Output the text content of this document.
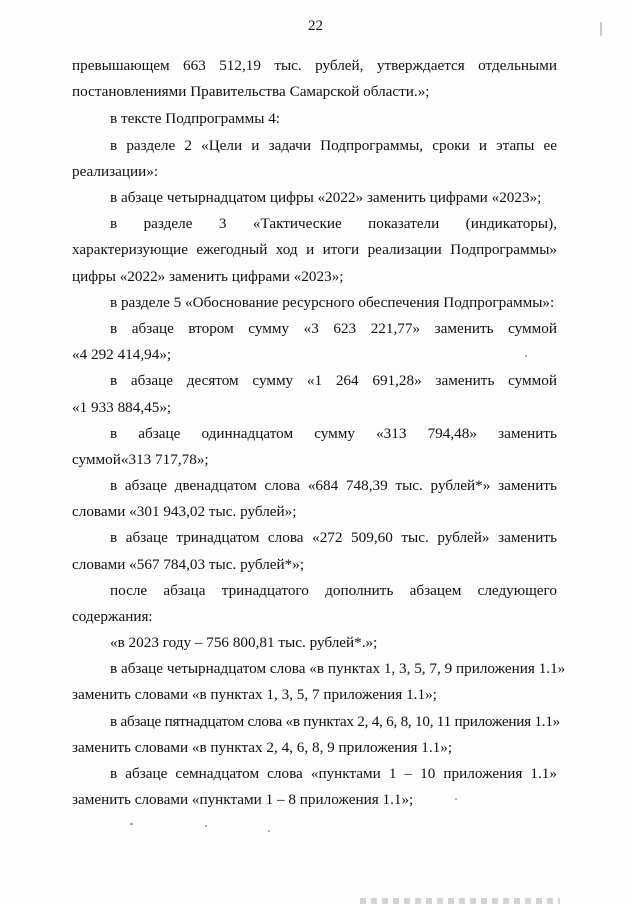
22
превышающем 663 512,19 тыс. рублей, утверждается отдельными
постановлениями Правительства Самарской области.»;
в тексте Подпрограммы 4:
в разделе 2 «Цели и задачи Подпрограммы, сроки и этапы ее
реализации»:
в абзаце четырнадцатом цифры «2022» заменить цифрами «2023»;
в разделе 3 «Тактические показатели (индикаторы),
характеризующие ежегодный ход и итоги реализации Подпрограммы»
цифры «2022» заменить цифрами «2023»;
в разделе 5 «Обоснование ресурсного обеспечения Подпрограммы»:
в абзаце втором сумму «3 623 221,77» заменить суммой
«4 292 414,94»;
в абзаце десятом сумму «1 264 691,28» заменить суммой
«1 933 884,45»;
в абзаце одиннадцатом сумму «313 794,48» заменить
суммой«313 717,78»;
в абзаце двенадцатом слова «684 748,39 тыс. рублей*» заменить
словами «301 943,02 тыс. рублей»;
в абзаце тринадцатом слова «272 509,60 тыс. рублей» заменить
словами «567 784,03 тыс. рублей*»;
после абзаца тринадцатого дополнить абзацем следующего
содержания:
«в 2023 году – 756 800,81 тыс. рублей*.»;
в абзаце четырнадцатом слова «в пунктах 1, 3, 5, 7, 9 приложения 1.1»
заменить словами «в пунктах 1, 3, 5, 7 приложения 1.1»;
в абзаце пятнадцатом слова «в пунктах 2, 4, 6, 8, 10, 11 приложения 1.1»
заменить словами «в пунктах 2, 4, 6, 8, 9 приложения 1.1»;
в абзаце семнадцатом слова «пунктами 1 – 10 приложения 1.1»
заменить словами «пунктами 1 – 8 приложения 1.1»;
